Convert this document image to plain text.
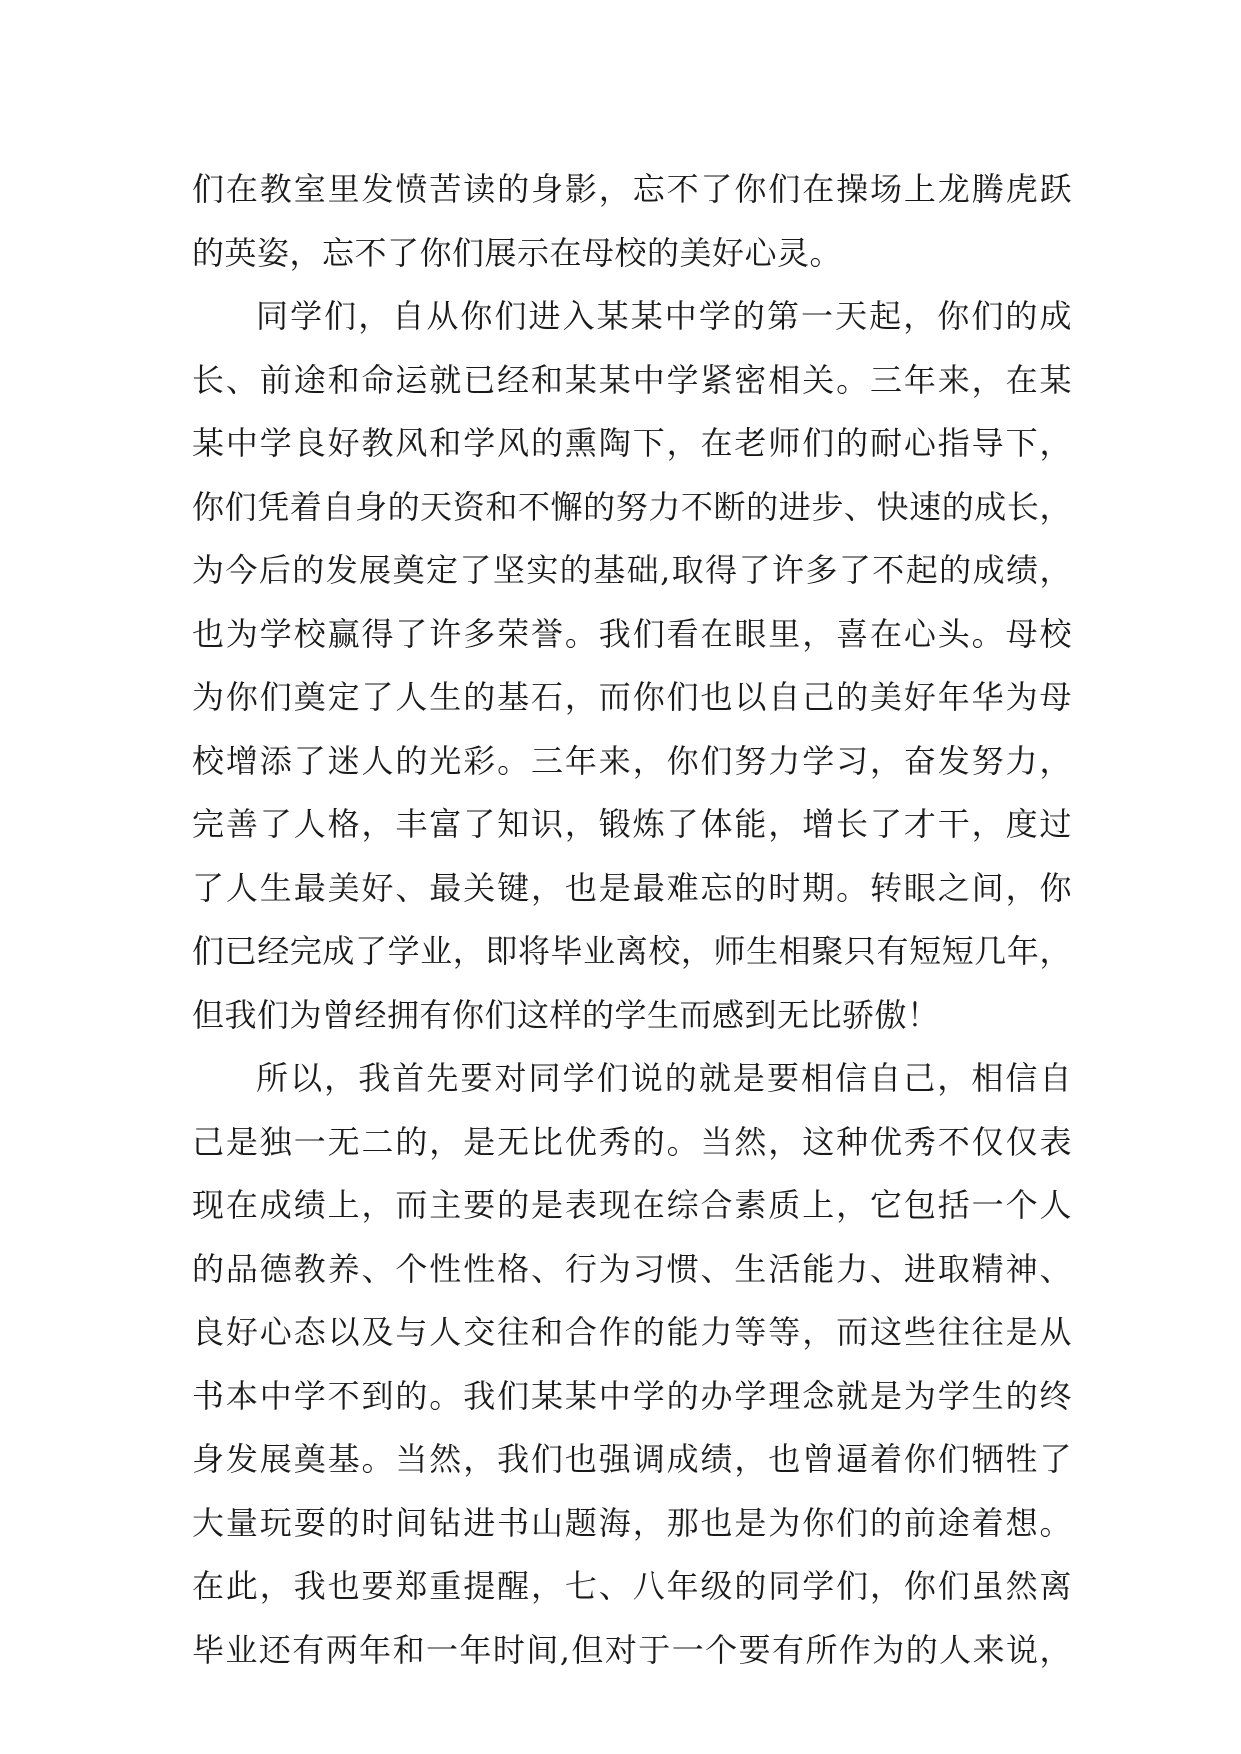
们在教室里发愤苦读的身影，忘不了你们在操场上龙腾虎跃
的英姿，忘不了你们展示在母校的美好心灵。
同学们，自从你们进入某某中学的第一天起，你们的成
长、前途和命运就已经和某某中学紧密相关。三年来，在某
某中学良好教风和学风的熏陶下，在老师们的耐心指导下，
你们凭着自身的天资和不懈的努力不断的进步、快速的成长，
为今后的发展奠定了坚实的基础,取得了许多了不起的成绩，
也为学校赢得了许多荣誉。我们看在眼里，喜在心头。母校
为你们奠定了人生的基石，而你们也以自己的美好年华为母
校增添了迷人的光彩。三年来，你们努力学习，奋发努力，
完善了人格，丰富了知识，锻炼了体能，增长了才干，度过
了人生最美好、最关键，也是最难忘的时期。转眼之间，你
们已经完成了学业，即将毕业离校，师生相聚只有短短几年，
但我们为曾经拥有你们这样的学生而感到无比骄傲！
所以，我首先要对同学们说的就是要相信自己，相信自
己是独一无二的，是无比优秀的。当然，这种优秀不仅仅表
现在成绩上，而主要的是表现在综合素质上，它包括一个人
的品德教养、个性性格、行为习惯、生活能力、进取精神、
良好心态以及与人交往和合作的能力等等，而这些往往是从
书本中学不到的。我们某某中学的办学理念就是为学生的终
身发展奠基。当然，我们也强调成绩，也曾逼着你们牺牲了
大量玩耍的时间钻进书山题海，那也是为你们的前途着想。
在此，我也要郑重提醒，七、八年级的同学们，你们虽然离
毕业还有两年和一年时间,但对于一个要有所作为的人来说，
